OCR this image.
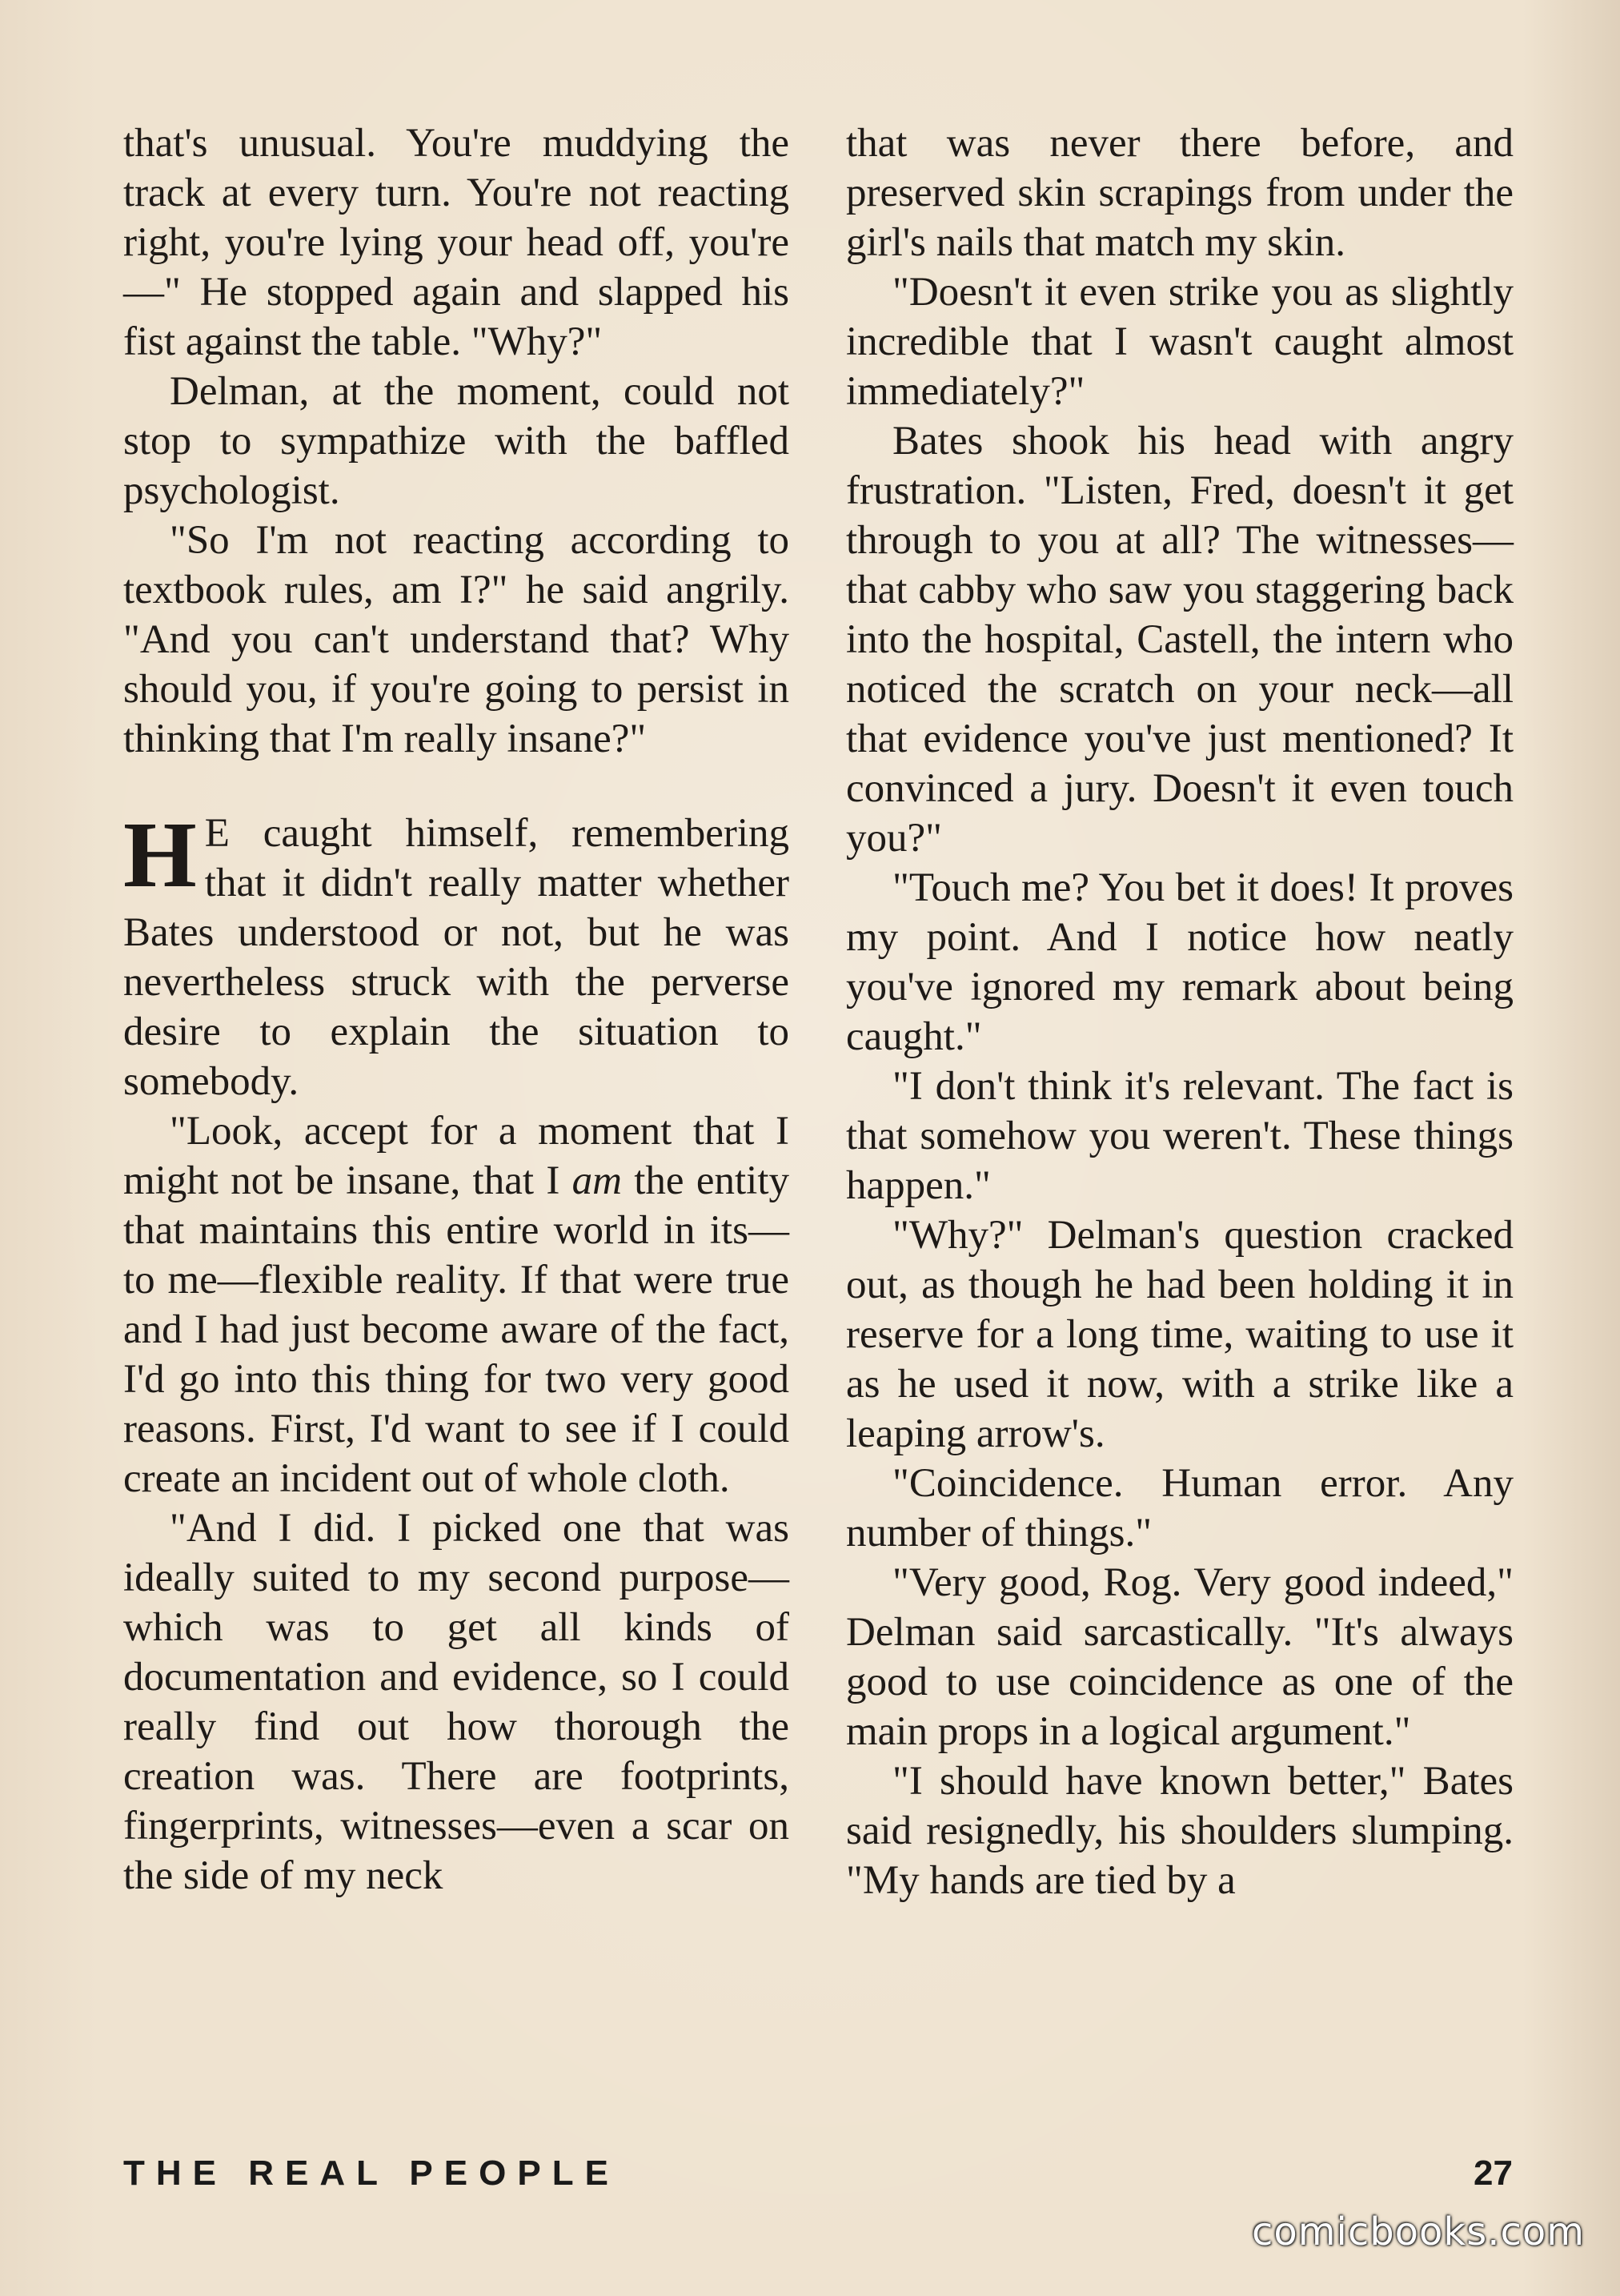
that's unusual. You're muddying the track at every turn. You're not reacting right, you're lying your head off, you're—" He stopped again and slapped his fist against the table. "Why?"

Delman, at the moment, could not stop to sympathize with the baffled psychologist.

"So I'm not reacting according to textbook rules, am I?" he said angrily. "And you can't understand that? Why should you, if you're going to persist in thinking that I'm really insane?"

H E caught himself, remembering that it didn't really matter whether Bates understood or not, but he was nevertheless struck with the perverse desire to explain the situation to somebody.

"Look, accept for a moment that I might not be insane, that I am the entity that maintains this entire world in its—to me—flexible reality. If that were true and I had just become aware of the fact, I'd go into this thing for two very good reasons. First, I'd want to see if I could create an incident out of whole cloth.

"And I did. I picked one that was ideally suited to my second purpose—which was to get all kinds of documentation and evidence, so I could really find out how thorough the creation was. There are footprints, fingerprints, witnesses—even a scar on the side of my neck

that was never there before, and preserved skin scrapings from under the girl's nails that match my skin.

"Doesn't it even strike you as slightly incredible that I wasn't caught almost immediately?"

Bates shook his head with angry frustration. "Listen, Fred, doesn't it get through to you at all? The witnesses—that cabby who saw you staggering back into the hospital, Castell, the intern who noticed the scratch on your neck—all that evidence you've just mentioned? It convinced a jury. Doesn't it even touch you?"

"Touch me? You bet it does! It proves my point. And I notice how neatly you've ignored my remark about being caught."

"I don't think it's relevant. The fact is that somehow you weren't. These things happen."

"Why?" Delman's question cracked out, as though he had been holding it in reserve for a long time, waiting to use it as he used it now, with a strike like a leaping arrow's.

"Coincidence. Human error. Any number of things."

"Very good, Rog. Very good indeed," Delman said sarcastically. "It's always good to use coincidence as one of the main props in a logical argument."

"I should have known better," Bates said resignedly, his shoulders slumping. "My hands are tied by a

THE REAL PEOPLE	27
comicbooks.com
